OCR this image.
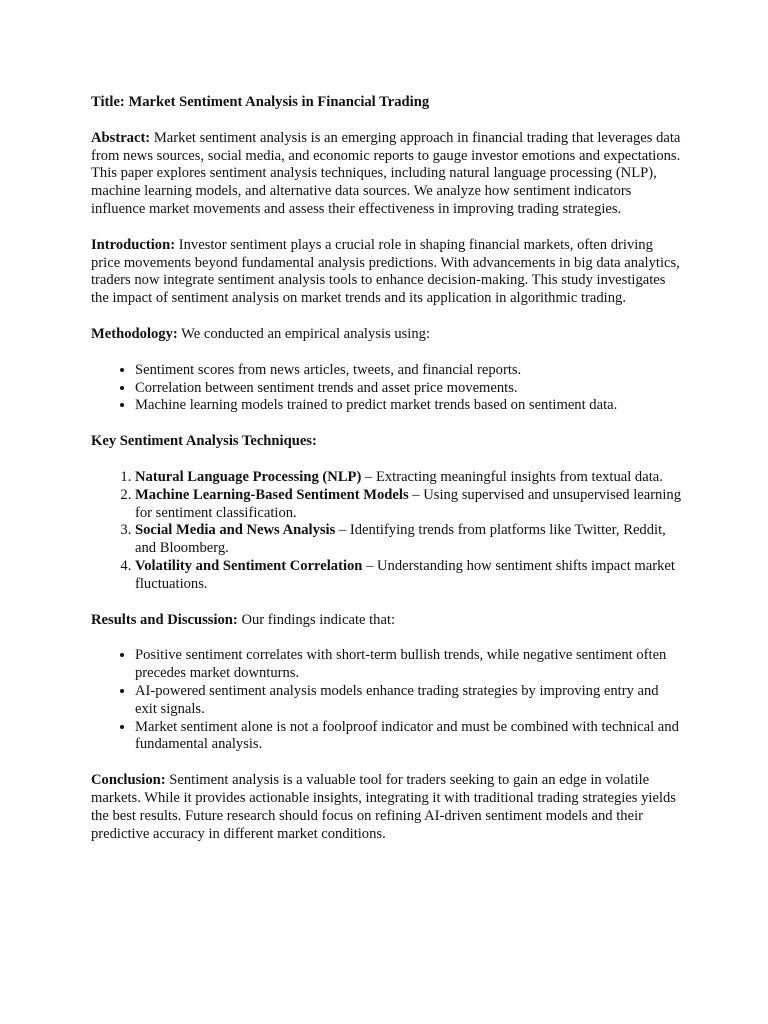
Title: Market Sentiment Analysis in Financial Trading

Abstract: Market sentiment analysis is an emerging approach in financial trading that leverages data from news sources, social media, and economic reports to gauge investor emotions and expectations. This paper explores sentiment analysis techniques, including natural language processing (NLP), machine learning models, and alternative data sources. We analyze how sentiment indicators influence market movements and assess their effectiveness in improving trading strategies.

Introduction: Investor sentiment plays a crucial role in shaping financial markets, often driving price movements beyond fundamental analysis predictions. With advancements in big data analytics, traders now integrate sentiment analysis tools to enhance decision-making. This study investigates the impact of sentiment analysis on market trends and its application in algorithmic trading.

Methodology: We conducted an empirical analysis using:

• Sentiment scores from news articles, tweets, and financial reports.
• Correlation between sentiment trends and asset price movements.
• Machine learning models trained to predict market trends based on sentiment data.

Key Sentiment Analysis Techniques:

1. Natural Language Processing (NLP) – Extracting meaningful insights from textual data.
2. Machine Learning-Based Sentiment Models – Using supervised and unsupervised learning for sentiment classification.
3. Social Media and News Analysis – Identifying trends from platforms like Twitter, Reddit, and Bloomberg.
4. Volatility and Sentiment Correlation – Understanding how sentiment shifts impact market fluctuations.

Results and Discussion: Our findings indicate that:

• Positive sentiment correlates with short-term bullish trends, while negative sentiment often precedes market downturns.
• AI-powered sentiment analysis models enhance trading strategies by improving entry and exit signals.
• Market sentiment alone is not a foolproof indicator and must be combined with technical and fundamental analysis.

Conclusion: Sentiment analysis is a valuable tool for traders seeking to gain an edge in volatile markets. While it provides actionable insights, integrating it with traditional trading strategies yields the best results. Future research should focus on refining AI-driven sentiment models and their predictive accuracy in different market conditions.
